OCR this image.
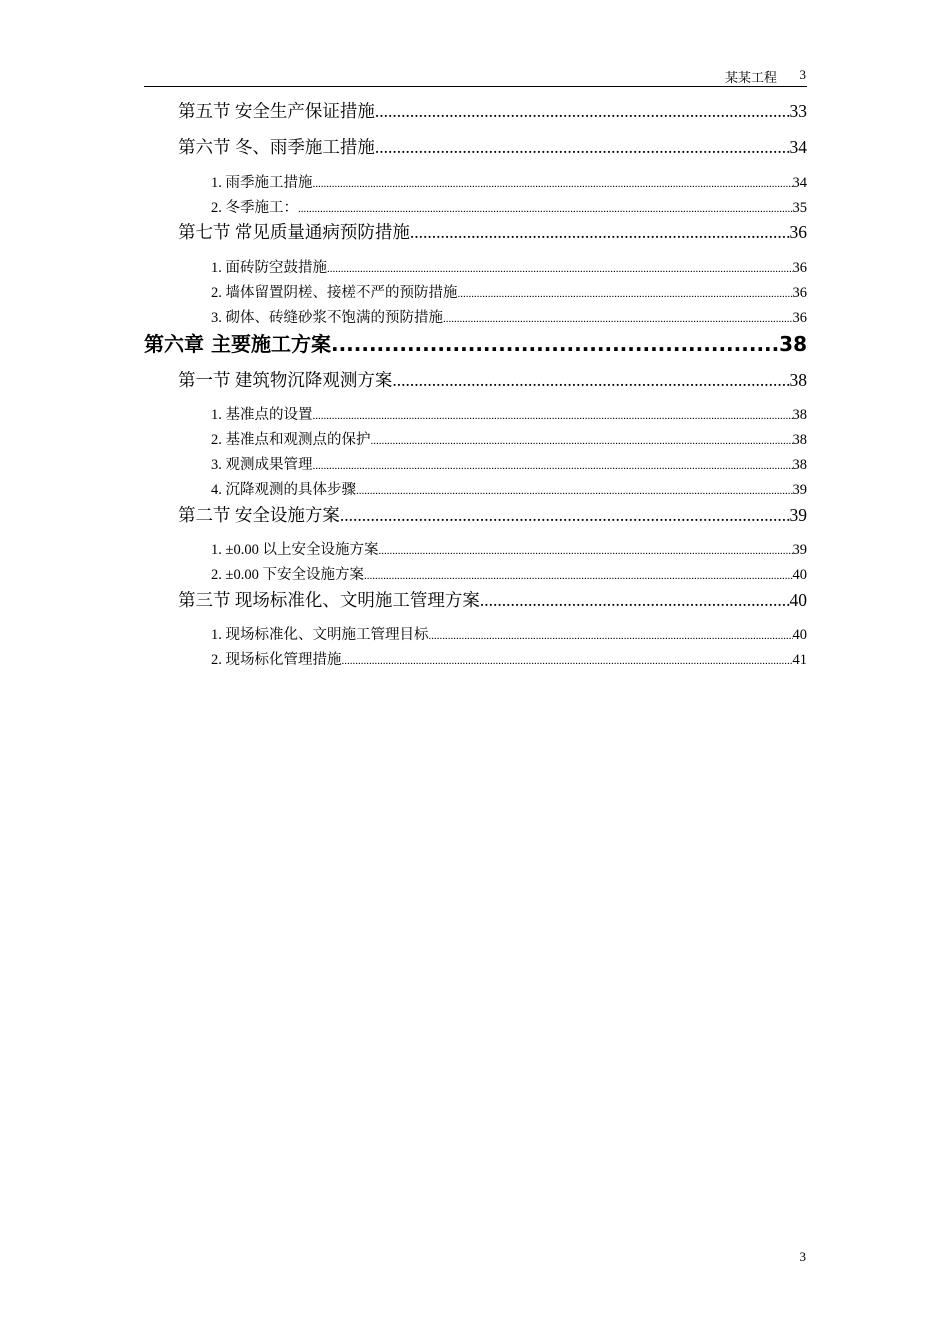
某某工程 3
第五节 安全生产保证措施 .....	33
第六节 冬、雨季施工措施 .....	34
1. 雨季施工措施 .....	34
2. 冬季施工： .....	35
第七节 常见质量通病预防措施 .....	36
1. 面砖防空鼓措施 .....	36
2. 墙体留置阴槎、接槎不严的预防措施 .....	36
3. 砌体、砖缝砂浆不饱满的预防措施 .....	36
第六章 主要施工方案 .....	38
第一节 建筑物沉降观测方案 .....	38
1. 基准点的设置 .....	38
2. 基准点和观测点的保护 .....	38
3. 观测成果管理 .....	38
4. 沉降观测的具体步骤 .....	39
第二节 安全设施方案 .....	39
1. ±0.00 以上安全设施方案 .....	39
2. ±0.00 下安全设施方案 .....	40
第三节 现场标准化、文明施工管理方案 .....	40
1. 现场标准化、文明施工管理目标 .....	40
2. 现场标化管理措施 .....	41
3
